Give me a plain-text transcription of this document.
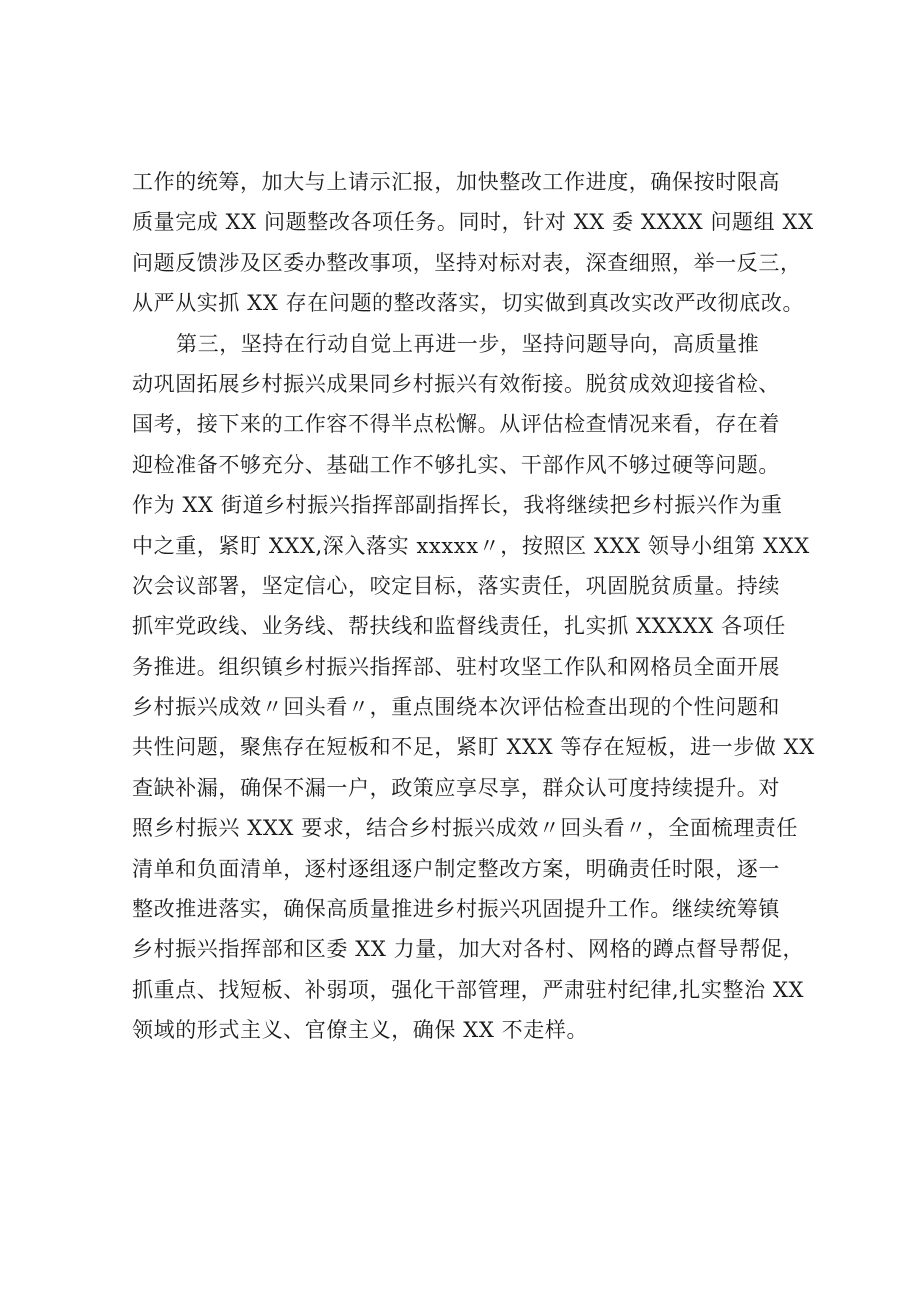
工作的统筹，加大与上请示汇报，加快整改工作进度，确保按时限高
质量完成 XX 问题整改各项任务。同时，针对 XX 委 XXXX 问题组 XX
问题反馈涉及区委办整改事项，坚持对标对表，深查细照，举一反三，
从严从实抓 XX 存在问题的整改落实，切实做到真改实改严改彻底改。
第三，坚持在行动自觉上再进一步，坚持问题导向，高质量推
动巩固拓展乡村振兴成果同乡村振兴有效衔接。脱贫成效迎接省检、
国考，接下来的工作容不得半点松懈。从评估检查情况来看，存在着
迎检准备不够充分、基础工作不够扎实、干部作风不够过硬等问题。
作为 XX 街道乡村振兴指挥部副指挥长，我将继续把乡村振兴作为重
中之重，紧盯 XXX,深入落实 xxxxx〃，按照区 XXX 领导小组第 XXX
次会议部署，坚定信心，咬定目标，落实责任，巩固脱贫质量。持续
抓牢党政线、业务线、帮扶线和监督线责任，扎实抓 XXXXX 各项任
务推进。组织镇乡村振兴指挥部、驻村攻坚工作队和网格员全面开展
乡村振兴成效〃回头看〃，重点围绕本次评估检查出现的个性问题和
共性问题，聚焦存在短板和不足，紧盯 XXX 等存在短板，进一步做 XX
查缺补漏，确保不漏一户，政策应享尽享，群众认可度持续提升。对
照乡村振兴 XXX 要求，结合乡村振兴成效〃回头看〃，全面梳理责任
清单和负面清单，逐村逐组逐户制定整改方案，明确责任时限，逐一
整改推进落实，确保高质量推进乡村振兴巩固提升工作。继续统筹镇
乡村振兴指挥部和区委 XX 力量，加大对各村、网格的蹲点督导帮促，
抓重点、找短板、补弱项，强化干部管理，严肃驻村纪律,扎实整治 XX
领域的形式主义、官僚主义，确保 XX 不走样。
